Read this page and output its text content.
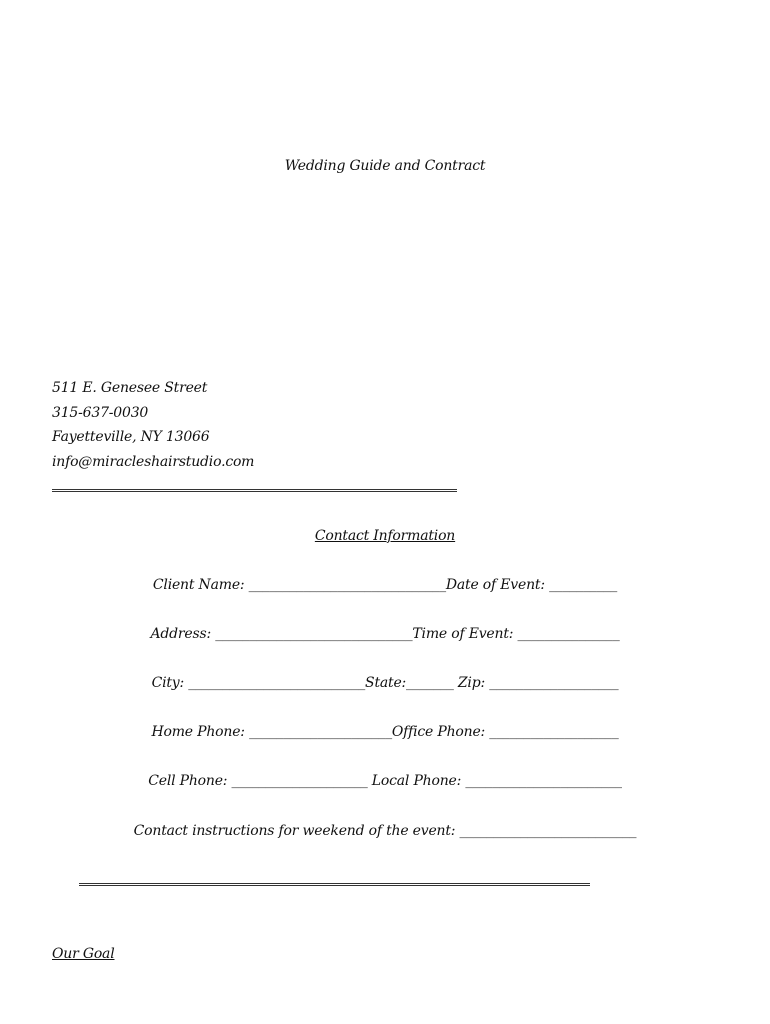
Wedding Guide and Contract
511 E. Genesee Street
315-637-0030
Fayetteville, NY 13066
info@miracleshairstudio.com
Contact Information
Client Name: _____________________________Date of Event: __________
Address: _____________________________Time of Event: _______________
City: __________________________State:_______ Zip: ___________________
Home Phone: _____________________Office Phone: ___________________
Cell Phone: ____________________ Local Phone: _______________________
Contact instructions for weekend of the event: __________________________
Our Goal
